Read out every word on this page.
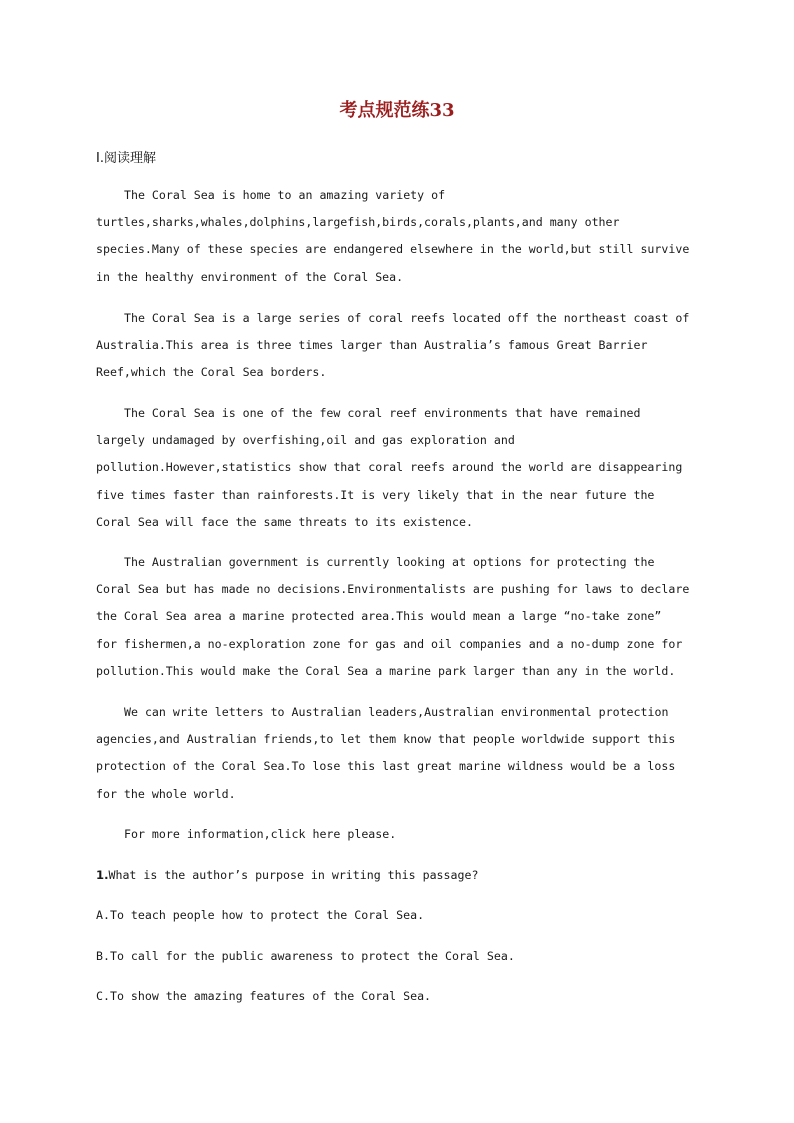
考点规范练33
Ⅰ.阅读理解
The Coral Sea is home to an amazing variety of
turtles,sharks,whales,dolphins,largefish,birds,corals,plants,and many other
species.Many of these species are endangered elsewhere in the world,but still survive
in the healthy environment of the Coral Sea.
The Coral Sea is a large series of coral reefs located off the northeast coast of
Australia.This area is three times larger than Australia’s famous Great Barrier
Reef,which the Coral Sea borders.
The Coral Sea is one of the few coral reef environments that have remained
largely undamaged by overfishing,oil and gas exploration and
pollution.However,statistics show that coral reefs around the world are disappearing
five times faster than rainforests.It is very likely that in the near future the
Coral Sea will face the same threats to its existence.
The Australian government is currently looking at options for protecting the
Coral Sea but has made no decisions.Environmentalists are pushing for laws to declare
the Coral Sea area a marine protected area.This would mean a large “no-take zone”
for fishermen,a no-exploration zone for gas and oil companies and a no-dump zone for
pollution.This would make the Coral Sea a marine park larger than any in the world.
We can write letters to Australian leaders,Australian environmental protection
agencies,and Australian friends,to let them know that people worldwide support this
protection of the Coral Sea.To lose this last great marine wildness would be a loss
for the whole world.
For more information,click here please.
1.What is the author’s purpose in writing this passage?
A.To teach people how to protect the Coral Sea.
B.To call for the public awareness to protect the Coral Sea.
C.To show the amazing features of the Coral Sea.
